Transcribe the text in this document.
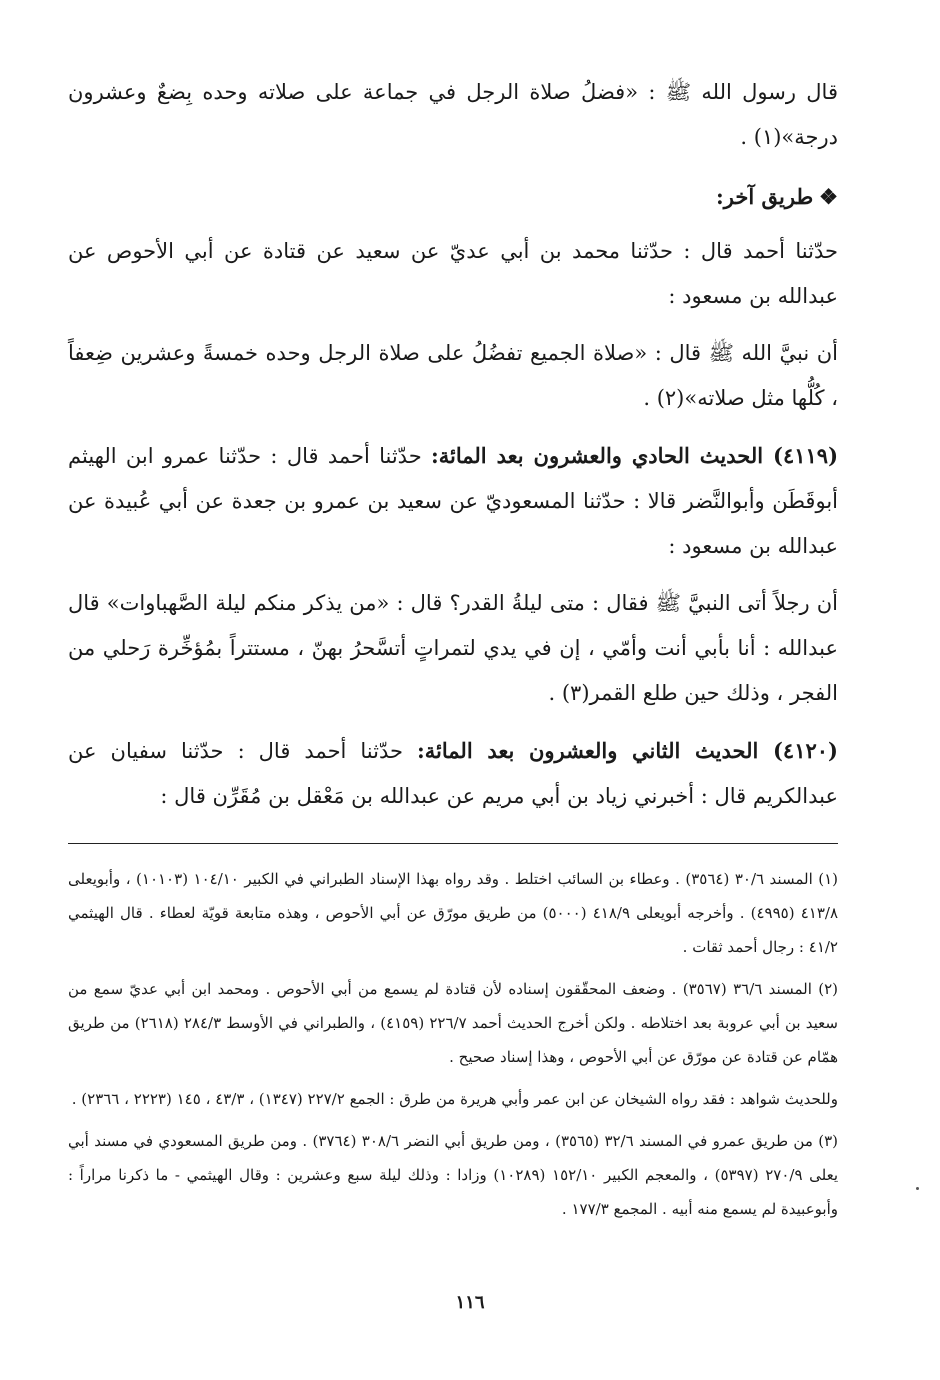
قال رسول الله ﷺ : «فضلُ صلاة الرجل في جماعة على صلاته وحده بِضعٌ وعشرون درجة»(١) .

❖طريق آخر:

حدّثنا أحمد قال : حدّثنا محمد بن أبي عديّ عن سعيد عن قتادة عن أبي الأحوص عن عبدالله بن مسعود :

أن نبيَّ الله ﷺ قال : «صلاة الجميع تفضُلُ على صلاة الرجل وحده خمسةً وعشرين ضِعفاً ، كُلُّها مثل صلاته»(٢) .

(٤١١٩) الحديث الحادي والعشرون بعد المائة: حدّثنا أحمد قال : حدّثنا عمرو ابن الهيثم أبوقَطَن وأبوالنَّضر قالا : حدّثنا المسعوديّ عن سعيد بن عمرو بن جعدة عن أبي عُبيدة عن عبدالله بن مسعود :

أن رجلاً أتى النبيَّ ﷺ فقال : متى ليلةُ القدر؟ قال : «من يذكر منكم ليلة الصَّهباوات» قال عبدالله : أنا بأبي أنت وأمّي ، إن في يدي لتمراتٍ أتسَّحرُ بهنّ ، مستتراً بمُؤخِّرة رَحلي من الفجر ، وذلك حين طلع القمر(٣) .

(٤١٢٠) الحديث الثاني والعشرون بعد المائة: حدّثنا أحمد قال : حدّثنا سفيان عن عبدالكريم قال : أخبرني زياد بن أبي مريم عن عبدالله بن مَعْقل بن مُقَرِّن قال :

(١) المسند ٣٠/٦ (٣٥٦٤) . وعطاء بن السائب اختلط . وقد رواه بهذا الإسناد الطبراني في الكبير ١٠٤/١٠ (١٠١٠٣) ، وأبويعلى ٤١٣/٨ (٤٩٩٥) . وأخرجه أبويعلى ٤١٨/٩ (٥٠٠٠) من طريق مورّق عن أبي الأحوص ، وهذه متابعة قويّة لعطاء . قال الهيثمي ٤١/٢ : رجال أحمد ثقات .

(٢) المسند ٣٦/٦ (٣٥٦٧) . وضعف المحقّقون إسناده لأن قتادة لم يسمع من أبي الأحوص . ومحمد ابن أبي عديّ سمع من سعيد بن أبي عروبة بعد اختلاطه . ولكن أخرج الحديث أحمد ٢٢٦/٧ (٤١٥٩) ، والطبراني في الأوسط ٢٨٤/٣ (٢٦١٨) من طريق همّام عن قتادة عن مورّق عن أبي الأحوص ، وهذا إسناد صحيح .

وللحديث شواهد : فقد رواه الشيخان عن ابن عمر وأبي هريرة من طرق : الجمع ٢٢٧/٢ (١٣٤٧) ، ٤٣/٣ ، ١٤٥ (٢٢٢٣ ، ٢٣٦٦) .

(٣) من طريق عمرو في المسند ٣٢/٦ (٣٥٦٥) ، ومن طريق أبي النضر ٣٠٨/٦ (٣٧٦٤) . ومن طريق المسعودي في مسند أبي يعلى ٢٧٠/٩ (٥٣٩٧) ، والمعجم الكبير ١٥٢/١٠ (١٠٢٨٩) وزادا : وذلك ليلة سبع وعشرين : وقال الهيثمي - ما ذكرنا مراراً : وأبوعبيدة لم يسمع منه أبيه . المجمع ١٧٧/٣ .

١١٦
